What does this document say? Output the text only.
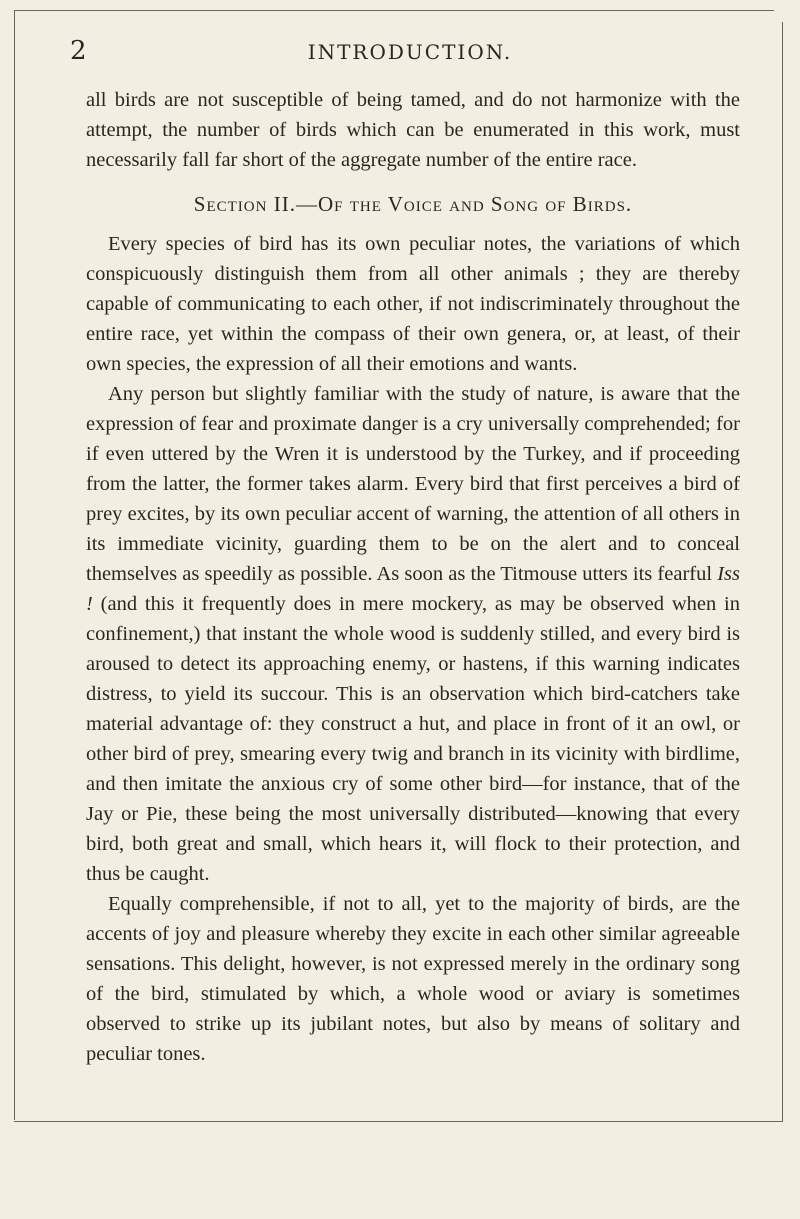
2	INTRODUCTION.

all birds are not susceptible of being tamed, and do not harmonize with the attempt, the number of birds which can be enumerated in this work, must necessarily fall far short of the aggregate number of the entire race.

Section II.—Of the Voice and Song of Birds.

Every species of bird has its own peculiar notes, the variations of which conspicuously distinguish them from all other animals ; they are thereby capable of communicating to each other, if not indiscriminately throughout the entire race, yet within the compass of their own genera, or, at least, of their own species, the expression of all their emotions and wants.

Any person but slightly familiar with the study of nature, is aware that the expression of fear and proximate danger is a cry universally comprehended; for if even uttered by the Wren it is understood by the Turkey, and if proceeding from the latter, the former takes alarm. Every bird that first perceives a bird of prey excites, by its own peculiar accent of warning, the attention of all others in its immediate vicinity, guarding them to be on the alert and to conceal themselves as speedily as possible. As soon as the Titmouse utters its fearful Iss ! (and this it frequently does in mere mockery, as may be observed when in confinement,) that instant the whole wood is suddenly stilled, and every bird is aroused to detect its approaching enemy, or hastens, if this warning indicates distress, to yield its succour. This is an observation which bird-catchers take material advantage of: they construct a hut, and place in front of it an owl, or other bird of prey, smearing every twig and branch in its vicinity with birdlime, and then imitate the anxious cry of some other bird—for instance, that of the Jay or Pie, these being the most universally distributed—knowing that every bird, both great and small, which hears it, will flock to their protection, and thus be caught.

Equally comprehensible, if not to all, yet to the majority of birds, are the accents of joy and pleasure whereby they excite in each other similar agreeable sensations. This delight, however, is not expressed merely in the ordinary song of the bird, stimulated by which, a whole wood or aviary is sometimes observed to strike up its jubilant notes, but also by means of solitary and peculiar tones.
